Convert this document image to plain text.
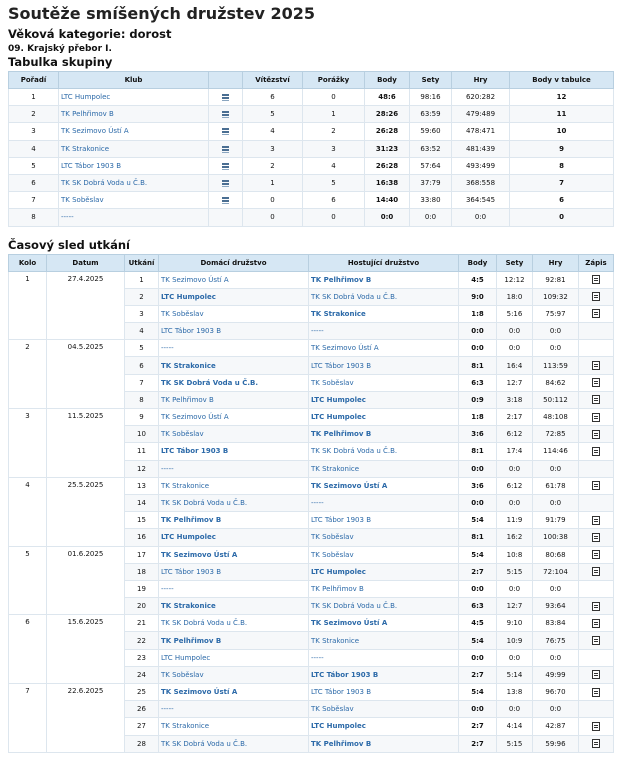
Soutěže smíšených družstev 2025
Věková kategorie: dorost
09. Krajský přebor I.
Tabulka skupiny
Pořadí	Klub		Vítězství	Porážky	Body	Sety	Hry	Body v tabulce
1	LTC Humpolec		6	0	48:6	98:16	620:282	12
2	TK Pelhřimov B		5	1	28:26	63:59	479:489	11
3	TK Sezimovo Ústí A		4	2	26:28	59:60	478:471	10
4	TK Strakonice		3	3	31:23	63:52	481:439	9
5	LTC Tábor 1903 B		2	4	26:28	57:64	493:499	8
6	TK SK Dobrá Voda u Č.B.		1	5	16:38	37:79	368:558	7
7	TK Soběslav		0	6	14:40	33:80	364:545	6
8	-----		0	0	0:0	0:0	0:0	0
Časový sled utkání
Kolo	Datum	Utkání	Domácí družstvo	Hostující družstvo	Body	Sety	Hry	Zápis
1	27.4.2025	1	TK Sezimovo Ústí A	TK Pelhřimov B	4:5	12:12	92:81	
		2	LTC Humpolec	TK SK Dobrá Voda u Č.B.	9:0	18:0	109:32	
		3	TK Soběslav	TK Strakonice	1:8	5:16	75:97	
		4	LTC Tábor 1903 B	-----	0:0	0:0	0:0	
2	04.5.2025	5	-----	TK Sezimovo Ústí A	0:0	0:0	0:0	
		6	TK Strakonice	LTC Tábor 1903 B	8:1	16:4	113:59	
		7	TK SK Dobrá Voda u Č.B.	TK Soběslav	6:3	12:7	84:62	
		8	TK Pelhřimov B	LTC Humpolec	0:9	3:18	50:112	
3	11.5.2025	9	TK Sezimovo Ústí A	LTC Humpolec	1:8	2:17	48:108	
		10	TK Soběslav	TK Pelhřimov B	3:6	6:12	72:85	
		11	LTC Tábor 1903 B	TK SK Dobrá Voda u Č.B.	8:1	17:4	114:46	
		12	-----	TK Strakonice	0:0	0:0	0:0	
4	25.5.2025	13	TK Strakonice	TK Sezimovo Ústí A	3:6	6:12	61:78	
		14	TK SK Dobrá Voda u Č.B.	-----	0:0	0:0	0:0	
		15	TK Pelhřimov B	LTC Tábor 1903 B	5:4	11:9	91:79	
		16	LTC Humpolec	TK Soběslav	8:1	16:2	100:38	
5	01.6.2025	17	TK Sezimovo Ústí A	TK Soběslav	5:4	10:8	80:68	
		18	LTC Tábor 1903 B	LTC Humpolec	2:7	5:15	72:104	
		19	-----	TK Pelhřimov B	0:0	0:0	0:0	
		20	TK Strakonice	TK SK Dobrá Voda u Č.B.	6:3	12:7	93:64	
6	15.6.2025	21	TK SK Dobrá Voda u Č.B.	TK Sezimovo Ústí A	4:5	9:10	83:84	
		22	TK Pelhřimov B	TK Strakonice	5:4	10:9	76:75	
		23	LTC Humpolec	-----	0:0	0:0	0:0	
		24	TK Soběslav	LTC Tábor 1903 B	2:7	5:14	49:99	
7	22.6.2025	25	TK Sezimovo Ústí A	LTC Tábor 1903 B	5:4	13:8	96:70	
		26	-----	TK Soběslav	0:0	0:0	0:0	
		27	TK Strakonice	LTC Humpolec	2:7	4:14	42:87	
		28	TK SK Dobrá Voda u Č.B.	TK Pelhřimov B	2:7	5:15	59:96	
